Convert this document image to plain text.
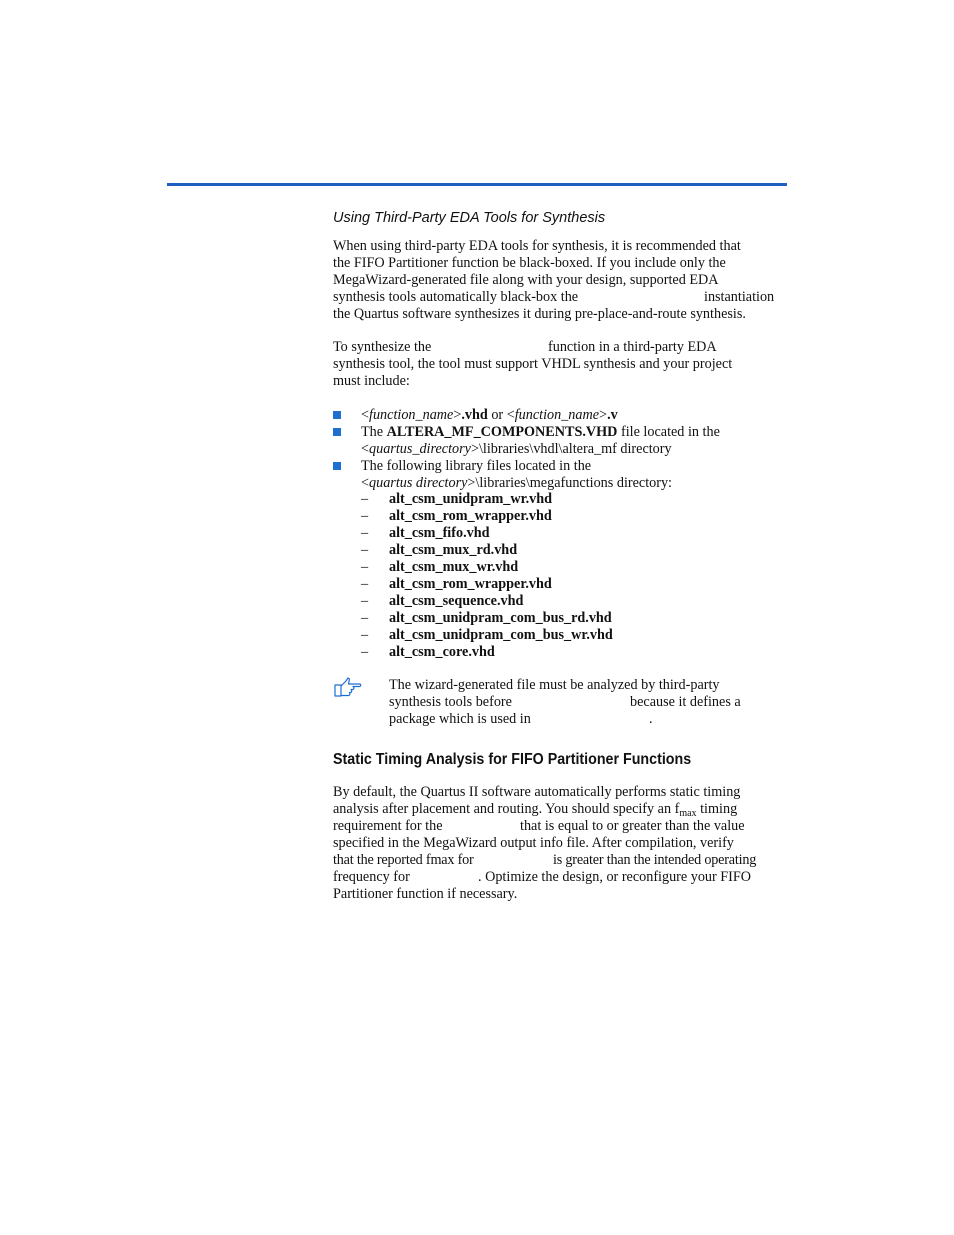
Using Third-Party EDA Tools for Synthesis
When using third-party EDA tools for synthesis, it is recommended that
the FIFO Partitioner function be black-boxed. If you include only the
MegaWizard-generated file along with your design, supported EDA
synthesis tools automatically black-box the	instantiation
the Quartus software synthesizes it during pre-place-and-route synthesis.
To synthesize the	function in a third-party EDA
synthesis tool, the tool must support VHDL synthesis and your project
must include:
<function_name>.vhd or <function_name>.v
The ALTERA_MF_COMPONENTS.VHD file located in the
<quartus_directory>\libraries\vhdl\altera_mf directory
The following library files located in the
<quartus directory>\libraries\megafunctions directory:
– alt_csm_unidpram_wr.vhd
– alt_csm_rom_wrapper.vhd
– alt_csm_fifo.vhd
– alt_csm_mux_rd.vhd
– alt_csm_mux_wr.vhd
– alt_csm_rom_wrapper.vhd
– alt_csm_sequence.vhd
– alt_csm_unidpram_com_bus_rd.vhd
– alt_csm_unidpram_com_bus_wr.vhd
– alt_csm_core.vhd
The wizard-generated file must be analyzed by third-party
synthesis tools before	because it defines a
package which is used in	.
Static Timing Analysis for FIFO Partitioner Functions
By default, the Quartus II software automatically performs static timing
analysis after placement and routing. You should specify an $f_{max}$ timing
requirement for the	that is equal to or greater than the value
specified in the MegaWizard output info file. After compilation, verify
that the reported fmax for	is greater than the intended operating
frequency for	. Optimize the design, or reconfigure your FIFO
Partitioner function if necessary.
